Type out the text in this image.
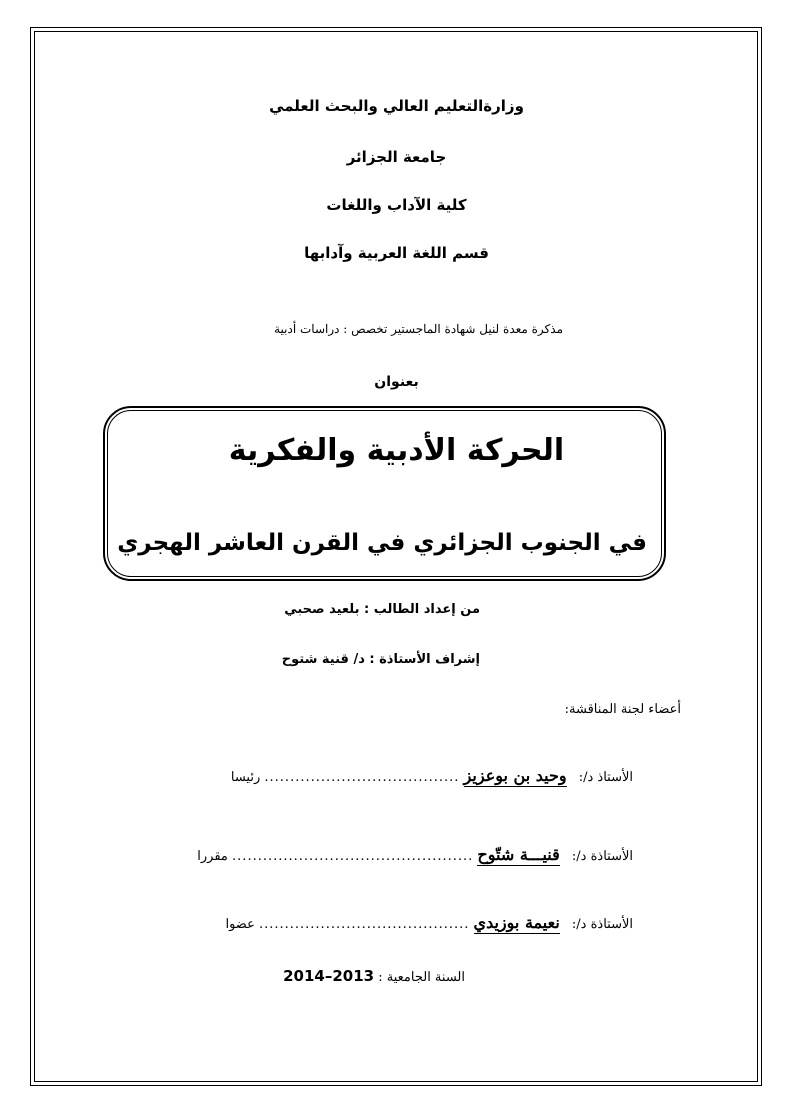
وزارةالتعليم العالي والبحث العلمي
جامعة الجزائر
كلية الآداب واللغات
قسم اللغة العربية وآدابها
مذكرة معدة لنيل شهادة الماجستير تخصص : دراسات أدبية
بعنوان
الحركة الأدبية والفكرية
في الجنوب الجزائري في القرن العاشر الهجري
من إعداد الطالب : بلعيد صحبي
إشراف الأستاذة : د/ قنية شتوح
أعضاء لجنة المناقشة:
الأستاذ د/: وحيد بن بوعزيز ...................................... رئيسا
الأستاذة د/: قنيـــة شتّوح ............................................... مقررا
الأستاذة د/: نعيمة بوزيدي ......................................... عضوا
السنة الجامعية : 2013–2014
